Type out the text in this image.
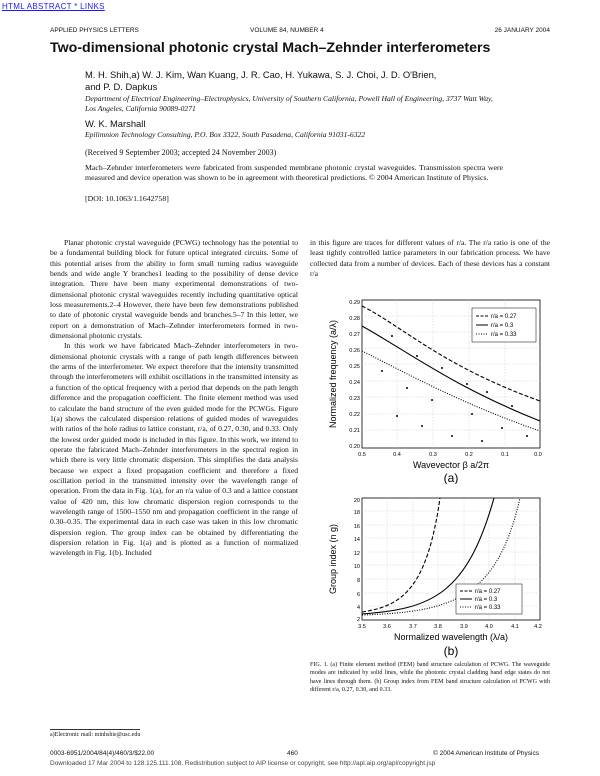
HTML ABSTRACT * LINKS
APPLIED PHYSICS LETTERS	VOLUME 84, NUMBER 4	26 JANUARY 2004
Two-dimensional photonic crystal Mach–Zehnder interferometers
M. H. Shih,a) W. J. Kim, Wan Kuang, J. R. Cao, H. Yukawa, S. J. Choi, J. D. O'Brien,
and P. D. Dapkus
Department of Electrical Engineering–Electrophysics, University of Southern California, Powell Hall of Engineering, 3737 Watt Way, Los Angeles, California 90089-0271
W. K. Marshall
Epilimnion Technology Consulting, P.O. Box 3322, South Pasadena, California 91031-6322
(Received 9 September 2003; accepted 24 November 2003)
Mach–Zehnder interferometers were fabricated from suspended membrane photonic crystal waveguides. Transmission spectra were measured and device operation was shown to be in agreement with theoretical predictions. © 2004 American Institute of Physics.
[DOI: 10.1063/1.1642758]

Planar photonic crystal waveguide (PCWG) technology has the potential to be a fundamental building block for future optical integrated circuits. Some of this potential arises from the ability to form small turning radius waveguide bends and wide angle Y branches1 leading to the possibility of dense device integration. There have been many experimental demonstrations of two-dimensional photonic crystal waveguides recently including quantitative optical loss measurements.2–4 However, there have been few demonstrations published to date of photonic crystal waveguide bends and branches.5–7 In this letter, we report on a demonstration of Mach–Zehnder interferometers formed in two-dimensional photonic crystals.

In this work we have fabricated Mach–Zehnder interferometers in two-dimensional photonic crystals with a range of path length differences between the arms of the interferometer. We expect therefore that the intensity transmitted through the interferometers will exhibit oscillations in the transmitted intensity as a function of the optical frequency with a period that depends on the path length difference and the propagation coefficient. The finite element method was used to calculate the band structure of the even guided mode for the PCWGs. Figure 1(a) shows the calculated dispersion relations of guided modes of waveguides with ratios of the hole radius to lattice constant, r/a, of 0.27, 0.30, and 0.33. Only the lowest order guided mode is included in this figure. In this work, we intend to operate the fabricated Mach–Zehnder interferometers in the spectral region in which there is very little chromatic dispersion. This simplifies the data analysis because we expect a fixed propagation coefficient and therefore a fixed oscillation period in the transmitted intensity over the wavelength range of operation. From the data in Fig. 1(a), for an r/a value of 0.3 and a lattice constant value of 420 nm, this low chromatic dispersion region corresponds to the wavelength range of 1500–1550 nm and propagation coefficient in the range of 0.30–0.35. The experimental data in each case was taken in this low chromatic dispersion region. The group index can be obtained by differentiating the dispersion relation in Fig. 1(a) and is plotted as a function of normalized wavelength in Fig. 1(b). Included

in this figure are traces for different values of r/a. The r/a ratio is one of the least tightly controlled lattice parameters in our fabrication process. We have collected data from a number of devices. Each of these devices has a constant r/a

r/a = 0.27
r/a = 0.3
r/a = 0.33
0.29
0.28
0.27
0.26
0.25
0.24
0.23
0.22
0.21
0.20
0.5	0.4	0.3	0.2	0.1	0.0
Wavevector β a/2π
Normalized frequency (a/λ)
(a)
r/a = 0.27
r/a = 0.3
r/a = 0.33
20
18
16
14
12
10
8
6
4
2
3.5	3.6	3.7	3.8	3.9	4.0	4.1	4.2
Normalized wavelength (λ/a)
Group index (n g)
(b)
FIG. 1. (a) Finite element method (FEM) band structure calculation of PCWG. The waveguide modes are indicated by solid lines, while the photonic crystal cladding band edge states do not have lines through them. (b) Group index from FEM band structure calculation of PCWG with different r/a, 0.27, 0.30, and 0.33.
a)Electronic mail: minhshie@usc.edu
0003-6951/2004/84(4)/460/3/$22.00	460	© 2004 American Institute of Physics
Downloaded 17 Mar 2004 to 128.125.111.108. Redistribution subject to AIP license or copyright, see http://apl.aip.org/apl/copyright.jsp
